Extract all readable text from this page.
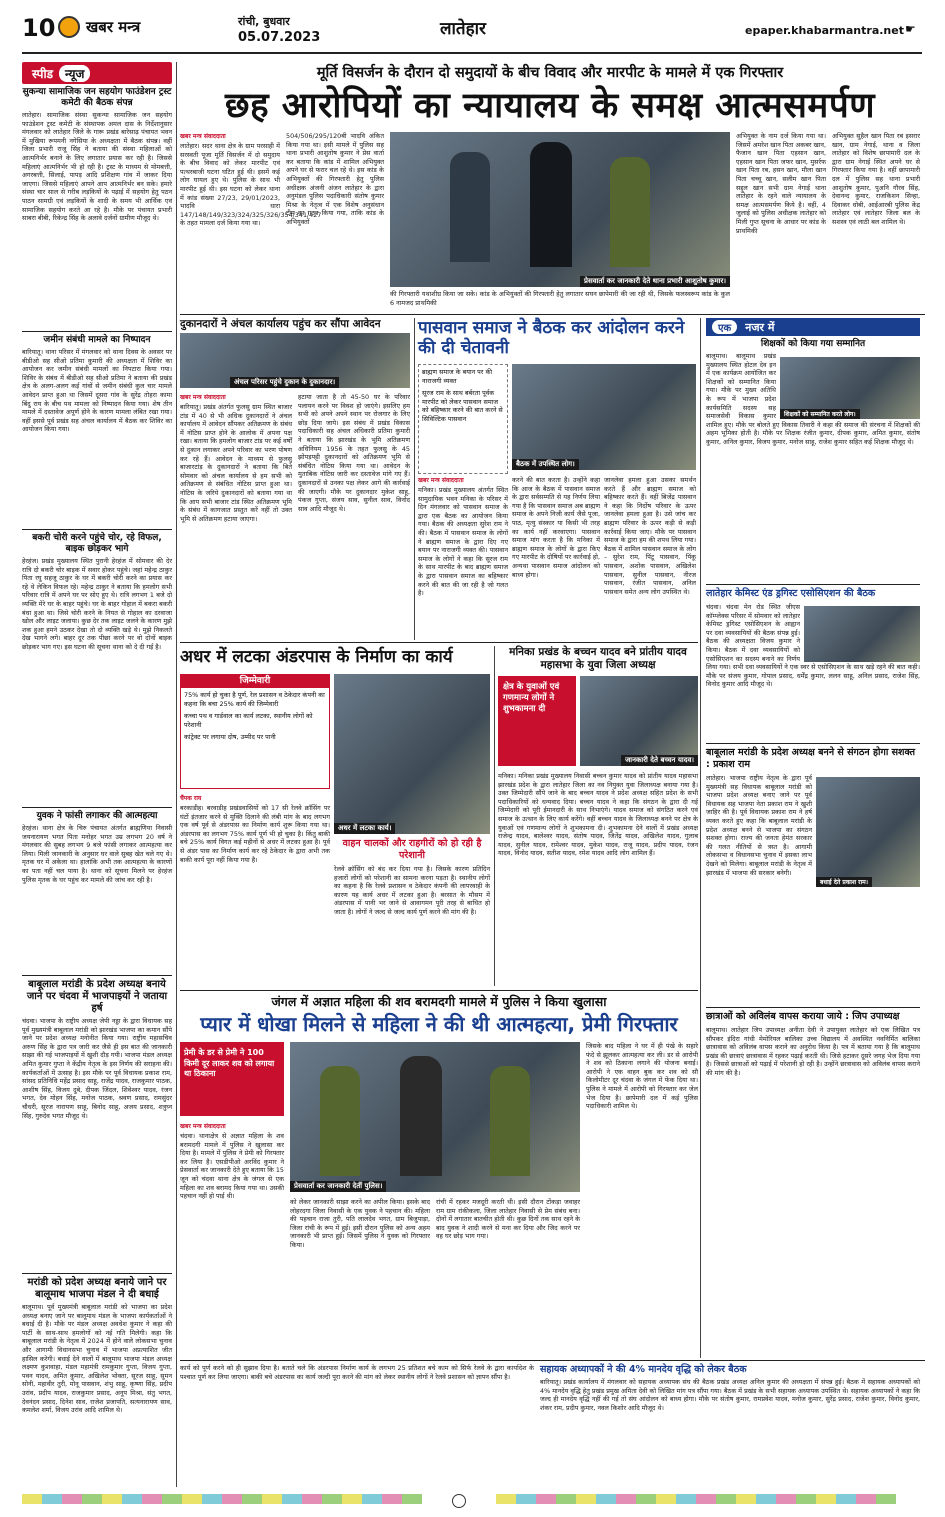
10	खबर मन्त्र	रांची, बुधवार
05.07.2023	लातेहार	epaper.khabarmantra.net ☛
स्पीड	न्यूज
सुकन्या सामाजिक जन सहयोग फाउंडेशन ट्रस्ट कमेटी की बैठक संपन्न
लातेहार। सामाजिक संस्था सुकन्या सामाजिक जन सहयोग फाउंडेशन ट्रस्ट कमेटी के संस्थापक अमल दास के निर्देशानुसार मंगलवार को लातेहार जिले के गारू प्रखंड बारेसाढ़ पंचायत भवन में मुखिया रूपमनी नगेसिया के अध्यक्षता में बैठक संपन्न। वहीं जिला प्रभारी राजू सिंह ने बताया की संस्था महिलाओं को आत्मनिर्भर बनाने के लिए लगातार प्रयास कर रही है। जिससे महिलाएं आत्मनिर्भर भी हो रही है। ट्रस्ट के माध्यम से मोमबत्ती, अगरबत्ती, सिलाई, पापड़ आदि प्रशिक्षण गांव में जाकर दिया जाएगा। जिससे महिलाएं आपने आप आत्मनिर्भर बन सके। हमारे संस्था चार साल से गरीब लड़कियों के पढ़ाई में सहयोग हेतु पठन पाठन सामग्री एवं लड़कियों के शादी के समय भी आर्थिक एवं सामाजिक सहयोग करते आ रहे है। मौके पर पंचायत प्रभारी साबरा बीबी, रिकेन्द्र सिंह के अलावे दर्जनों ग्रामीण मौजूद थे।
जमीन संबंधी मामले का निष्पादन
बारियातू। थाना परिसर में मंगलवार को थाना दिवस के अवसर पर बीडीओ सह सीओ प्रतिमा कुमारी की अध्यक्षता में शिविर का आयोजन कर जमीन संबंधी मामलों का निपटारा किया गया। शिविर के संबंध में बीडीओ सह सीओ प्रतिमा ने बताया की प्रखंड क्षेत्र के अलग-अलग कई गांवों से जमीन संबंधी कुल चार मामले आवेदन प्राप्त हुआ था जिसमें दूसरा गांव के सुरेंद्र तोहरा कामा बिंदु राय के बीच पथ मामला को निष्पादन किया गया। शेष तीन मामले में दस्तावेज अपूर्ण होने के कारण मामला लंबित रखा गया। वहीं इससे पूर्व प्रखंड सह अंचल कार्यालय में बैठक कर शिविर का आयोजन किया गया।
बकरी चोरी करने पहुंचे चोर, रहे विफल, बाइक छोड़कर भागे
हेरहंज। प्रखंड मुख्यालय स्थित पुरानी हेरहंज में सोमवार की देर रात्रि दो बकरी चोर बाइक में सवार होकर पहुंचे। जहां महेन्द्र ठाकुर पिता रघु सहजू ठाकुर के घर में बकरी चोरी करने का प्रयास कर रहे थे लेकिन विफल रहे। महेन्द्र ठाकुर ने बताया कि हमलोग सभी परिवार रात्रि में अपने घर पर सोए हुए थे। रात्रि लगभग 1 बजे दो व्यक्ति मेरे घर के बाहर पहुंचे। घर के बाहर गोहाल में बकरा बकरी बंधा हुआ था। जिसे चोरी करने के नियत से गोहाल का दरवाजा खोल और लाइट जलाया। कुछ देर तक लाइट जलने के कारण मुझे शक हुआ हमने उठकर देखा तो दो व्यक्ति खड़े थे। मुझे निकलते देख भागने लगे। बाहर दूर तक पीछा करने पर वो दोनों बाइक छोड़कर भाग गए। इस घटना की सूचना थाना को दे दी गई है।
युवक ने फांसी लगाकर की आत्महत्या
हेरहंज। थाना क्षेत्र के चिरु पंचायत अंतर्गत ब्राह्मणिया निवासी जयनारायण भगत पिता मनोहर भगत उम्र लगभग 20 वर्ष ने मंगलवार की सुबह लगभग 9 बजे फांसी लगाकर आत्महत्या कर लिया। मिली जानकारी के अनुसार घर वाले सुबह खेत चले गए थे। मृतक घर में अकेला था। हालांकि अभी तक आत्महत्या के कारणों का पता नहीं चल पाया है। थाना को सूचना मिलने पर हेरहंज पुलिस मृतक के घर पहुंच कर मामले की जांच कर रही है।
बाबूलाल मरांडी के प्रदेश अध्यक्ष बनाये जाने पर चंदवा में भाजपाइयों ने जताया हर्ष
चंदवा। भाजपा के राष्ट्रीय अध्यक्ष जेपी नड्डा के द्वारा विधायक सह पूर्व मुख्यमंत्री बाबूलाल मरांडी को झारखंड भाजपा का कमान सौंपे जाने पर प्रदेश अध्यक्ष मनोनीत किया गया। राष्ट्रीय महासचिव अरुण सिंह के द्वारा पत्र जारी कर जैसे ही इस बात की जानकारी साझा की गई भाजपाइयों में खुशी दौड़ गयी। भाजपा मंडल अध्यक्ष अमित कुमार गुप्ता ने केंद्रीय नेतृत्व के इस निर्णय की सराहना की। कार्यकर्ताओं में उत्साह है। इस मौके पर पूर्व विधायक प्रकाश राम, सांसद प्रतिनिधि महेंद्र प्रसाद साहू, राजेंद्र यादव, राजकुमार पाठक, आशीष सिंह, विजय दुबे, दीपक जिंदल, शिवेश्वर यादव, रंजन भगत, देव मोहन सिंह, मनोज पाठक, श्रवण प्रसाद, रामसुंदर चौधरी, सूरज नारायण साहू, बिनोद साहू, अजय प्रसाद, शत्रुघ्न सिंह, गुरुदेव भगत मौजूद थे।
मरांडी को प्रदेश अध्यक्ष बनाये जाने पर बालूमाथ भाजपा मंडल ने दी बधाई
बालूमाथ। पूर्व मुख्यमंत्री बाबूलाल मरांडी को भाजपा का प्रदेश अध्यक्ष बनाए जाने पर बालूमाथ मंडल के भाजपा कार्यकर्ताओं ने बधाई दी है। मौके पर मंडल अध्यक्ष अवधेश कुमार ने कहा की पार्टी के साथ-साथ हमलोगों को नई गति मिलेगी। कहा कि बाबूलाल मरांडी के नेतृत्व में 2024 में होने वाले लोकसभा चुनाव और आगामी विधानसभा चुनाव में भाजपा अप्रत्याशित जीत हासिल करेगी। बधाई देने वालों में बालूमाथ भाजपा मंडल अध्यक्ष लक्ष्मण कुशवाहा, मंडल महामंत्री रामकुमार गुप्ता, विजय गुप्ता, पवन यादव, अमित कुमार, अखिलेश भोक्ता, सूरज साहू, सुमन सोनी, महावीर तुरी, मोनू पासवान, शंभु साहू, कृष्णा सिंह, प्रदीप उरांव, प्रदीप यादव, राजकुमार प्रसाद, अनूप मिश्रा, संतु भगत, देवनंदन प्रसाद, दिनेश साव, राजेश प्रजापति, सत्यनारायण साव, कमलेश शर्मा, विजय उरांव आदि शामिल थे।
मूर्ति विसर्जन के दौरान दो समुदायों के बीच विवाद और मारपीट के मामले में एक गिरफ्तार
छह आरोपियों का न्यायालय के समक्ष आत्मसमर्पण
खबर मन्त्र संवाददाता
लातेहार। सदर थाना क्षेत्र के ग्राम परसाही में सरस्वती पूजा मूर्ति विसर्जन में दो समुदाय के बीच विवाद को लेकर मारपीट एवं पत्थरबाजी घटना घटित हुई थी। इसमें कई लोग घायल हुए थे। पुलिस के साथ भी मारपीट हुई थी। इस घटना को लेकर थाना में कांड संख्या 27/23, 29/01/2023, भादवि धारा 147/148/149/323/324/325/326/354/341/427 के तहत मामला दर्ज किया गया था।
504/506/295/120बी भादवि अंकित किया गया था। इसी मामले में पुलिस सह थाना प्रभारी आशुतोष कुमार ने प्रेस वार्ता कर बताया कि कांड में शामिल अभियुक्त अपने घर से फरार चल रहे थे। इस कांड के अभियुक्तों की गिरफ्तारी हेतु पुलिस अधीक्षक अंजनी अंजन लातेहार के द्वारा अनुमंडल पुलिस पदाधिकारी संतोष कुमार मिश्रा के नेतृत्व में एक विशेष अनुसंधान टीम का गठन किया गया, ताकि कांड के अभियुक्तों
प्रेसवार्ता कर जानकारी देते थाना प्रभारी आशुतोष कुमार।
की गिरफ्तारी यथाशीघ्र किया जा सके। कांड के अभियुक्तों की गिरफ्तारी हेतु लगातार सघन छापेमारी की जा रही थी, जिसके फलस्वरूप कांड के कुल 6 नामजद प्राथमिकी
अभियुक्त के नाम दर्ज किया गया था। जिसमें अमरेश खान पिता अकबर खान, फैजान खान पिता एहसान खान, एहसान खान पिता जफर खान, मुसर्रफ खान पिता रब, हसन खान, मौला खान पिता चच्चू खान, सलीम खान पिता सद्दुल खान सभी ग्राम नेगाई थाना लातेहार के रहने वाले न्यायालय के समक्ष आत्मसमर्पण किये है। वहीं, 4 जुलाई को पुलिस अधीक्षक लातेहार को मिली गुप्त सूचना के आधार पर कांड के प्राथमिकी
अभियुक्त सुहैल खान पिता रब इसरार खान, ग्राम नेगाई, थाना व जिला लातेहार को विशेष छापामारी दल के द्वारा ग्राम नेगाई स्थित अपने घर से गिरफ्तार किया गया है। वहीं छापामारी दल में पुलिस सह थाना प्रभारी आशुतोष कुमार, पुअनि गौरव सिंह, देवानन्द कुमार, राजकिशन सिन्हा, दिवाकर धोबी, आईआरबी पुलिस केंद्र लातेहार एवं लातेहार जिला बल के सशस्त्र एवं लाठी बल शामिल थे।
दुकानदारों ने अंचल कार्यालय पहुंच कर सौंपा आवेदन
अंचल परिसर पहुंचे दुकान के दुकानदार।
खबर मन्त्र संवाददाता
बारियातू। प्रखंड अंतर्गत फुलसु ग्राम स्थित बाजार टांड में 40 से भी अधिक दुकानदारों ने अंचल कार्यालय में आवेदन सौंपकर अतिक्रमण के संबंध में नोटिस प्राप्त होने के आलोक में अपना पक्ष रखा। बताया कि हमलोग बाजार टांड पर कई वर्षों से दुकान लगाकर अपने परिवार का भरण पोषण कर रहे हैं। आवेदन के माध्यम से फुलसु बाजारटांड़ के दुकानदारों ने बताया कि बिते सोमवार को अंचल कार्यालय से हम सभी को अतिक्रमण से संबंधित नोटिस प्राप्त हुआ था। नोटिस के जरिये दुकानदारों को बताया गया था कि आप सभी बाजार टांड स्थित अतिक्रमण भूमि के संबंध में कागजात प्रस्तुत करें नहीं तो उक्त भूमि से अतिक्रमण हटाया जाएगा।
हटाया जाता है तो 45-50 घर के परिवार पलायन करने पर विवश हो जाएंगे। इसलिए हम सभी को अपने अपने स्थान पर रोजगार के लिए छोड़ दिया जाये। इस संबंध में प्रखंड विकास पदाधिकारी सह अंचल अधिकारी प्रतिमा कुमारी ने बताया कि झारखंड के भूमि अतिक्रमण अधिनियम 1956 के तहत फुलसु के 45 झोपड़पट्टी दुकानदारों को अतिक्रमण भूमि से संबंधित नोटिस किया गया था। आवेदन के मुताबिक नोटिस जारी कर दस्तावेज मांगे गए हैं। दुकानदारों से उनका पक्ष लेकर आगे की कार्रवाई की जाएगी। मौके पर दुकानदार मुकेश साहू, पंकज गुप्ता, संजय साव, सुनील साव, विनोद साव आदि मौजूद थे।
पासवान समाज ने बैठक कर आंदोलन करने की दी चेतावनी
ब्राह्मण समाज के बयान पर की नाराजगी व्यक्त
सूरज राम के साथ बर्बरता पूर्वक मारपीट को लेकर पासवान समाज को बहिष्कार करने की बात करने से सिविल्टिक पासवान
बैठक में उपस्थित लोग।
खबर मन्त्र संवाददाता
मनिका। प्रखंड मुख्यालय अंतर्गत स्थित सामुदायिक भवन मनिका के परिसर में दिन मंगलवार को पासवान समाज के द्वारा एक बैठक का आयोजन किया गया। बैठक की अध्यक्षता सुरेश राम ने की। बैठक में पासवान समाज के लोगों ने ब्राह्मण समाज के द्वारा दिए गए बयान पर नाराजगी व्यक्त की। पासवान समाज के लोगों ने कहा कि सूरज राम के साथ मारपीट के बाद ब्राह्मण समाज के द्वारा पासवान समाज का बहिष्कार करने की बात की जा रही है जो गलत है।
करने की बात करता है। उन्होंने कहा कि आज के बैठक में पासवान समाज के द्वारा सर्वसम्मति से यह निर्णय लिया गया है कि पासवान समाज अब ब्राह्मण समाज के अपने निजी कार्य जैसे पूजा, पाठ, मृत्यु संस्कार या किसी भी तरह का कार्य नहीं करवाएगा। पासवान समाज मांग करता है कि मनिका में ब्राह्मण समाज के लोगों के द्वारा किए गए मारपीट के दोषियों पर कार्रवाई हो, अन्यथा पासवान समाज आंदोलन को बाध्य होगा।
जानलेवा हमला हुआ उसका समर्थन करते हैं और ब्राह्मण समाज को बहिष्कार करते हैं। वहीं बिजेंद्र पासवान ने कहा कि निर्दोष परिवार के ऊपर जानलेवा हमला हुआ है। उसे जांच कर ब्राह्मण परिवार के ऊपर कड़ी से कड़ी कार्रवाई किया जाए। मौके पर पासवान समाज के द्वारा हम की शपथ लिया गया। बैठक में शामिल पासवान समाज के लोग – सुरेश राम, पिंटू पासवान, पिंकू पासवान, अशोक पासवान, अखिलेश पासवान, सुनील पासवान, नीरज पासवान, रंजीत पासवान, अनिल पासवान समेत अन्य लोग उपस्थित थे।
एक	नजर में
शिक्षकों को किया गया सम्मानित
शिक्षकों को सम्मानित करते लोग।
बालूमाथ। बालूमाथ प्रखंड मुख्यालय स्थित होटल देव इन में एक कार्यक्रम आयोजित कर शिक्षकों को सम्मानित किया गया। मौके पर मुख्य अतिथि के रूप में भाजपा प्रदेश कार्यसमिति सदस्य सह समाजसेवी विकास कुमार शामिल हुए। मौके पर बोलते हुए विकास तिवारी ने कहा की समाज की संरचना में शिक्षकों की अहम भूमिका होती है। मौके पर शिक्षक रंजीत कुमार, दीपक कुमार, अमित कुमार, संतोष कुमार, अनिल कुमार, विजय कुमार, मनोज साहू, राजेश कुमार सहित कई शिक्षक मौजूद थे।
लातेहार केमिस्ट एंड ड्रगिस्ट एसोसिएशन की बैठक
चंदवा। चंदवा मेन रोड स्थित जीएस कॉम्प्लेक्स परिसर में सोमवार को लातेहार केमिस्ट ड्रगिस्ट एसोसिएशन के आह्वान पर दवा व्यवसायियों की बैठक संपन्न हुई। बैठक की अध्यक्षता विजय कुमार ने किया। बैठक में दवा व्यवसायियों को एसोसिएशन का सदस्य बनाने का निर्णय लिया गया। सभी दवा व्यवसायियों ने एक स्वर से एसोसिएशन के साथ खड़े रहने की बात कही। मौके पर संजय कुमार, गोपाल प्रसाद, धर्मेंद्र कुमार, ललन साहू, अनिल प्रसाद, राजेश सिंह, विनोद कुमार आदि मौजूद थे।
बाबूलाल मरांडी के प्रदेश अध्यक्ष बनने से संगठन होगा सशक्त : प्रकाश राम
बधाई देते प्रकाश राम।
लातेहार। भाजपा राष्ट्रीय नेतृत्व के द्वारा पूर्व मुख्यमंत्री सह विधायक बाबूलाल मरांडी को भाजपा प्रदेश अध्यक्ष बनाए जाने पर पूर्व विधायक सह भाजपा नेता प्रकाश राम ने खुशी जाहिर की है। पूर्व विधायक प्रकाश राम ने हर्ष व्यक्त करते हुए कहा कि बाबूलाल मरांडी के प्रदेश अध्यक्ष बनने से भाजपा का संगठन सशक्त होगा। राज्य की जनता हेमंत सरकार की गलत नीतियों से त्रस्त है। आगामी लोकसभा व विधानसभा चुनाव में इसका लाभ देखने को मिलेगा। बाबूलाल मरांडी के नेतृत्व में झारखंड में भाजपा की सरकार बनेगी।
छात्राओं को अविलंब वापस कराया जाये : जिप उपाध्यक्ष
बालूमाथ। लातेहार जिप उपाध्यक्ष अनीता देवी ने उपायुक्त लातेहार को एक लिखित पत्र सौंपकर इंदिरा गांधी मेमोरियल बालिका उच्च विद्यालय में अवस्थित नवनिर्मित बालिका छात्रावास को अविलंब वापस कराने का अनुरोध किया है। पत्र में बताया गया है कि बालूमाथ प्रखंड की छात्राएं छात्रावास में रहकर पढ़ाई करती थी। जिसे हटाकर दूसरे जगह भेज दिया गया है। जिससे छात्राओं को पढ़ाई में परेशानी हो रही है। उन्होंने छात्रावास को अविलंब वापस कराने की मांग की है।
अधर में लटका अंडरपास के निर्माण का कार्य
जिम्मेवारी
75% कार्य हो चुका है पूर्ण, रेल प्रशासन व ठेकेदार कंपनी का कहना कि बचा 25% कार्य की जिम्मेवारी
कच्चा पथ व गार्डवाल का कार्य लटका, स्थानीय लोगों को परेशानी
कांट्रेक्ट पर लगाया दोष, उम्मीद पर पानी
अधर में लटका कार्य।
चैंपक राय
बरकाडीह। बरवाडीह प्रखंडवासियों को 17 सी रेलवे क्रॉसिंग पर घंटों इंतजार करने से मुक्ति दिलाने की लंबी मांग के बाद लगभग एक वर्ष पूर्व से अंडरपास का निर्माण कार्य शुरू किया गया था। अंडरपास का लगभग 75% कार्य पूर्ण भी हो चुका है। किंतु बाकी बचे 25% कार्य विगत कई महीनों से अधर में लटका हुआ है। पूर्व से अंडर पास का निर्माण कार्य कर रहे ठेकेदार के द्वारा अभी तक बाकी कार्य पूरा नहीं किया गया है।
वाहन चालकों और राहगीरों को हो रही है परेशानी
रेलवे क्रॉसिंग को बंद कर दिया गया है। जिसके कारण प्रतिदिन हजारों लोगों को परेशानी का सामना करना पड़ता है। स्थानीय लोगों का कहना है कि रेलवे प्रशासन व ठेकेदार कंपनी की लापरवाही के कारण यह कार्य अधर में लटका हुआ है। बरसात के मौसम में अंडरपास में पानी भर जाने से आवागमन पूरी तरह से बाधित हो जाता है। लोगों ने जल्द से जल्द कार्य पूर्ण करने की मांग की है।
मनिका प्रखंड के बच्चन यादव बने प्रांतीय यादव महासभा के युवा जिला अध्यक्ष
क्षेत्र के युवाओं एवं गणमान्य लोगों ने शुभकामना दी
जानकारी देते बच्चन यादव।
मनिका। मनिका प्रखंड मुख्यालय निवासी बच्चन कुमार यादव को प्रांतीय यादव महासभा झारखंड प्रदेश के द्वारा लातेहार जिला का नव नियुक्त युवा जिलाध्यक्ष बनाया गया है। उक्त जिम्मेदारी सौंपे जाने के बाद बच्चन यादव ने प्रदेश अध्यक्ष सहित प्रदेश के सभी पदाधिकारियों को धन्यवाद दिया। बच्चन यादव ने कहा कि संगठन के द्वारा दी गई जिम्मेदारी को पूरी ईमानदारी के साथ निभाएंगे। यादव समाज को संगठित करने एवं समाज के उत्थान के लिए कार्य करेंगे। वहीं बच्चन यादव के जिलाध्यक्ष बनने पर क्षेत्र के युवाओं एवं गणमान्य लोगों ने शुभकामना दी। शुभकामना देने वालों में प्रखंड अध्यक्ष राजेन्द्र यादव, बालेश्वर यादव, संतोष यादव, जितेंद्र यादव, अखिलेश यादव, गुलाब यादव, सुनील यादव, रामेश्वर यादव, मुकेश यादव, राजू यादव, प्रदीप यादव, रंजन यादव, विनोद यादव, सतीश यादव, रमेश यादव आदि लोग शामिल हैं।
जंगल में अज्ञात महिला की शव बरामदगी मामले में पुलिस ने किया खुलासा
प्यार में धोखा मिलने से महिला ने की थी आत्महत्या, प्रेमी गिरफ्तार
प्रेमी के डर से प्रेमी ने 100 किमी दूर लाकर शव को लगाया था ठिकाना
प्रेसवार्ता कर जानकारी देतीं पुलिस।
खबर मन्त्र संवाददाता
चंदवा। थानाक्षेत्र से अज्ञात महिला के शव बरामदगी मामले में पुलिस ने खुलासा कर दिया है। मामले में पुलिस ने प्रेमी को गिरफ्तार कर लिया है। एसडीपीओ अरविंद कुमार ने प्रेसवार्ता कर जानकारी देते हुए बताया कि 15 जून को चंदवा थाना क्षेत्र के जंगल से एक महिला का शव बरामद किया गया था। उसकी पहचान नहीं हो पाई थी।
को लेकर जानकारी साझा करने का अपील किया। इसके बाद लोहरदगा जिला निवासी के एक युवक ने पहचान की। महिला की पहचान राजा तुरी, पति लालदेव भगत, ग्राम बिजुपाड़ा, जिला रांची के रूप में हुई। इसी दौरान पुलिस को अन्य अहम जानकारी भी प्राप्त हुई। जिसमें पुलिस ने युवक को गिरफ्तार किया।
रांची में रहकर मजदूरी करती थी। इसी दौरान टोंकड़ा जवाहर राम ग्राम रांकीकला, जिला लातेहार निवासी से प्रेम संबंध बना। दोनों में लगातार बातचीत होती थी। कुछ दिनों तक साथ रहने के बाद युवक ने शादी करने से मना कर दिया और जिद करने पर वह घर छोड़ भाग गया।
जिसके बाद महिला ने घर में ही पंखे के सहारे फंदे से झूलकर आत्महत्या कर ली। डर से आरोपी ने शव को ठिकाना लगाने की योजना बनाई। आरोपी ने एक वाहन बुक कर शव को सौ किलोमीटर दूर चंदवा के जंगल में फेंक दिया था। पुलिस ने मामले में आरोपी को गिरफ्तार कर जेल भेज दिया है। छापेमारी दल में कई पुलिस पदाधिकारी शामिल थे।
सहायक अध्यापकों ने की 4% मानदेय वृद्धि को लेकर बैठक
बारियातू। प्रखंड कार्यालय में मंगलवार को सहायक अध्यापक संघ की बैठक प्रखंड अध्यक्ष अनिल कुमार की अध्यक्षता में संपन्न हुई। बैठक में सहायक अध्यापकों को 4% मानदेय वृद्धि हेतु प्रखंड प्रमुख अमिता देवी को लिखित मांग पत्र सौंपा गया। बैठक में प्रखंड के सभी सहायक अध्यापक उपस्थित थे। सहायक अध्यापकों ने कहा कि जल्द ही मानदेय वृद्धि नहीं की गई तो संघ आंदोलन को बाध्य होगा। मौके पर संतोष कुमार, रामप्रवेश यादव, मनोज कुमार, सुरेंद्र प्रसाद, राजेश कुमार, विनोद कुमार, शंकर राम, प्रदीप कुमार, नवल किशोर आदि मौजूद थे।
कार्य को पूर्ण करने को ही सुझाव दिया है। बताते चले कि अंडरपास निर्माण कार्य के लगभग 25 प्रतिशत बचे काम को सिर्फ रेलवे के द्वारा कार्यादेश के पश्चात पूर्ण कर लिया जाएगा। बाकी बचे अंडरपास का कार्य जल्दी पूरा करने की मांग को लेकर स्थानीय लोगों ने रेलवे प्रशासन को ज्ञापन सौंपा है।
